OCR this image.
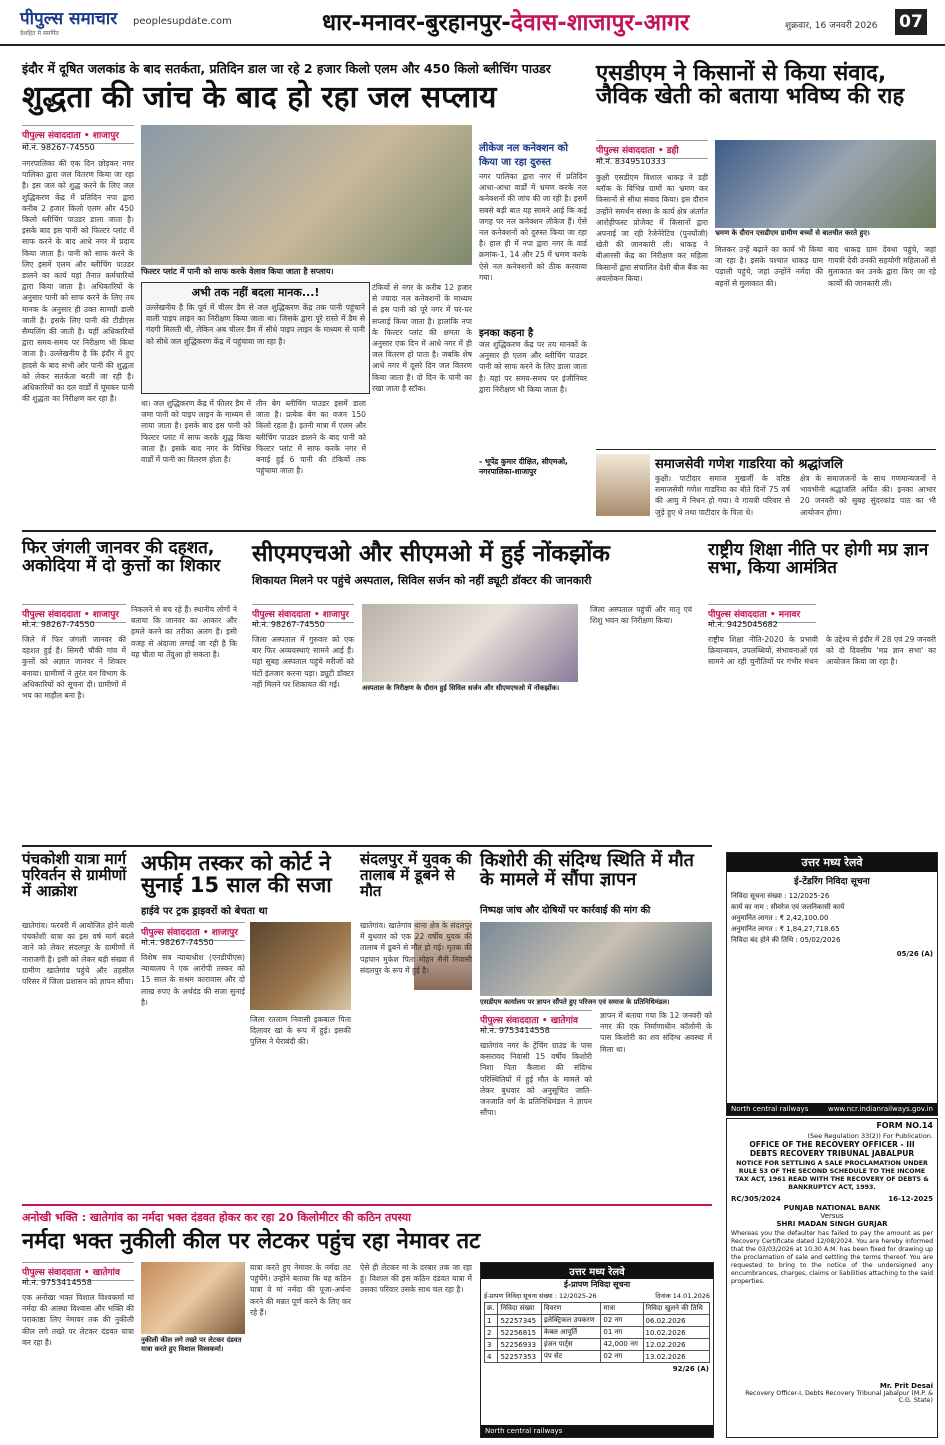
पीपुल्स समाचार
देशहित में समर्पित
peoplesupdate.com	धार-मनावर-बुरहानपुर-देवास-शाजापुर-आगर	शुक्रवार, 16 जनवरी 2026 07
इंदौर में दूषित जलकांड के बाद सतर्कता, प्रतिदिन डाल जा रहे 2 हजार किलो एलम और 450 किलो ब्लीचिंग पाउडर
शुद्धता की जांच के बाद हो रहा जल सप्लाय
पीपुल्स संवाददाता • शाजापुर
मो.नं. 98267-74550
नगरपालिका की एक दिन छोड़कर नगर पालिका द्वारा जल वितरण किया जा रहा है। इस जल को शुद्ध करने के लिए जल शुद्धिकरण केंद्र में प्रतिदिन नपा द्वारा करीब 2 हजार किलो एलम और 450 किलो ब्लीचिंग पाउडर डाला जाता है। इसके बाद इस पानी को फिल्टर प्लांट में साफ करने के बाद आधे नगर में प्रदाय किया जाता है। पानी को साफ करने के लिए इसमें एलम और ब्लीचिंग पाउडर डालने का कार्य यहां तैनात कर्मचारियों द्वारा किया जाता है। अधिकारियों के अनुसार पानी को साफ करने के लिए तय मानक के अनुसार ही उक्त सामग्री डाली जाती है। इसके लिए पानी की टीडीएस सैम्पलिंग की जाती है। यहीं अधिकारियों द्वारा समय-समय पर निरीक्षण भी किया जाता है। उल्लेखनीय है कि इंदौर में हुए हादसे के बाद सभी ओर पानी की शुद्धता को लेकर सतर्कता बरती जा रही है। अधिकारियों का दल वार्डों में घूमकर पानी की शुद्धता का निरीक्षण कर रहा है।
फिल्टर प्लांट में पानी को साफ करके वेलाव किया जाता है सप्लाय।
अभी तक नहीं बदला मानक...!
उल्लेखनीय है कि पूर्व में चीलर डैम से जल शुद्धिकरण केंद्र तक पानी पहुंचाने वाली पाइप लाइन का निरीक्षण किया जाता था। जिसके द्वारा पूरे रास्ते में डैम से गंदगी मिलती थी, लेकिन अब चीलर डैम में सीधे पाइप लाइन के माध्यम से पानी को सीधे जल शुद्धिकरण केंद्र में पहुंचाया जा रहा है।
था। जल शुद्धिकरण केंद्र में फीलर डैम में जमा पानी को पाइप लाइन के माध्यम से लाया जाता है। इसके बाद इस पानी को फिल्टर प्लांट में साफ करके शुद्ध किया जाता है। इसके बाद नगर के विभिन्न वार्डों में पानी का वितरण होता है।
तीन बेग ब्लीचिंग पाउडर इसमें डाला जाता है। प्रत्येक बेग का वजन 150 किलो रहता है। इतनी मात्रा में एलम और ब्लीचिंग पाउडर डालने के बाद पानी को फिल्टर प्लांट में साफ करके नगर में बनाई हुई 6 पानी की टंकियों तक पहुंचाया जाता है।
टंकियों से नगर के करीब 12 हजार से ज्यादा नल कनेक्शनों के माध्यम से इस पानी को पूरे नगर में घर-घर सप्लाई किया जाता है। हालांकि नपा के फिल्टर प्लांट की क्षमता के अनुसार एक दिन में आधे नगर में ही जल वितरण हो पाता है। जबकि शेष आधे नगर में दूसरे दिन जल वितरण किया जाता है। दो दिन के पानी का रखा जाता है स्टॉक।
लीकेज नल कनेक्शन को किया जा रहा दुरुस्त
नगर पालिका द्वारा नगर में प्रतिदिन आधा-आधा वार्डों में भ्रमण करके नल कनेक्शनों की जांच की जा रही है। इसमें सबसे बड़ी बात यह सामने आई कि कई जगह पर नल कनेक्शन लीकेज हैं। ऐसे नल कनेक्शनों को दुरुस्त किया जा रहा है। हाल ही में नपा द्वारा नगर के वार्ड क्रमांक-1, 14 और 25 में भ्रमण करके ऐसे नल कनेक्शनों को ठीक करवाया गया।
इनका कहना है
जल शुद्धिकरण केंद्र पर तय मानकों के अनुसार ही एलम और ब्लीचिंग पाउडर पानी को साफ करने के लिए डाला जाता है। यहां पर समय-समय पर इंजीनियर द्वारा निरीक्षण भी किया जाता है।
- भूपेंद्र कुमार दीक्षित, सीएमओ, नगरपालिका-शाजापुर
एसडीएम ने किसानों से किया संवाद, जैविक खेती को बताया भविष्य की राह
पीपुल्स संवाददाता • डही
मो.नं. 8349510333
कुक्षी एसडीएम विशाल धाकड़ ने डही ब्लॉक के विभिन्न ग्रामों का भ्रमण कर किसानों से सीधा संवाद किया। इस दौरान उन्होंने समर्थन संस्था के कार्य क्षेत्र अंतर्गत आरोहीफस्ट प्रोजेक्ट में किसानों द्वारा अपनाई जा रही रेजेनेरेटिव (पुनर्योजी) खेती की जानकारी ली। धाकड़ ने बीआरसी केंद्र का निरीक्षण कर महिला किसानों द्वारा संचालित देशी बीज बैंक का अवलोकन किया।
भ्रमण के दौरान एसडीएम ग्रामीण बच्चों से बातचीत करते हुए।
मिलकर उन्हें बढ़ाने का कार्य भी किया जा रहा है। इसके पश्चात धाकड़ ग्राम पड़ाली पहुंचे, जहां उन्होंने नर्मदा की बहनों से मुलाकात की।
बाद धाकड़ ग्राम देवधा पहुंचे, जहां गायत्री देवी उनकी सहयोगी महिलाओं से मुलाकात कर उनके द्वारा किए जा रहे कार्यों की जानकारी ली।
समाजसेवी गणेश गाडरिया को श्रद्धांजलि
कुक्षी। पाटीदार समाज मुखर्जी के वरिष्ठ समाजसेवी गणेश गाडरिया का बीते दिनों 75 वर्ष की आयु में निधन हो गया। वे गायत्री परिवार से जुड़े हुए थे तथा पाटीदार के पिता थे।
क्षेत्र के समाजजनों के साथ गणमान्यजनों ने भावभीनी श्रद्धांजलि अर्पित की। इनका आभार 20 जनवरी को सुबह सुंदरकांड पाठ का भी आयोजन होगा।
फिर जंगली जानवर की दहशत, अकोदिया में दो कुत्तों का शिकार
पीपुल्स संवाददाता • शाजापुर
मो.नं. 98267-74550
जिले में फिर जंगली जानवर की दहशत हुई है। सिमरौ चौकी गांव में कुत्तों को अज्ञात जानवर ने शिकार बनाया। ग्रामीणों ने तुरंत वन विभाग के अधिकारियों को सूचना दी। ग्रामीणों में भय का माहौल बना है।
निकलने से बच रहे हैं। स्थानीय लोगों ने बताया कि जानवर का आकार और हमले करने का तरीका अलग है। इसी वजह से अंदाजा लगाई जा रही है कि यह चीता या तेंदुआ हो सकता है।
सीएमएचओ और सीएमओ में हुई नोंकझोंक
शिकायत मिलने पर पहुंचे अस्पताल, सिविल सर्जन को नहीं ड्यूटी डॉक्टर की जानकारी
पीपुल्स संवाददाता • शाजापुर
मो.नं. 98267-74550
जिला अस्पताल में गुरुवार को एक बार फिर अव्यवस्थाएं सामने आई हैं। यहां सुबह अस्पताल पहुंचे मरीजों को घंटों इंतजार करना पड़ा। ड्यूटी डॉक्टर नहीं मिलने पर शिकायत की गई।	अस्पताल के निरीक्षण के दौरान हुई सिविल सर्जन और सीएमएचओ में नोंकझोंक।
जिला अस्पताल पहुंचीं और मातृ एवं शिशु भवन का निरीक्षण किया।
राष्ट्रीय शिक्षा नीति पर होगी मप्र ज्ञान सभा, किया आमंत्रित
पीपुल्स संवाददाता • मनावर
मो.नं. 9425045682
राष्ट्रीय शिक्षा नीति-2020 के प्रभावी क्रियान्वयन, उपलब्धियों, संभावनाओं एवं सामने आ रही चुनौतियों पर गंभीर मंथन के उद्देश्य से इंदौर में 28 एवं 29 जनवरी को दो दिवसीय 'मप्र ज्ञान सभा' का आयोजन किया जा रहा है।
पंचकोशी यात्रा मार्ग परिवर्तन से ग्रामीणों में आक्रोश
खातेगांव। फरवरी में आयोजित होने वाली पंचकोशी यात्रा का इस वर्ष मार्ग बदले जाने को लेकर संदलपुर के ग्रामीणों में नाराजगी है। इसी को लेकर बड़ी संख्या में ग्रामीण खातेगांव पहुंचे और तहसील परिसर में जिला प्रशासन को ज्ञापन सौंपा।
अफीम तस्कर को कोर्ट ने सुनाई 15 साल की सजा
हाईवे पर ट्रक ड्राइवरों को बेचता था
पीपुल्स संवाददाता • शाजापुर
मो.नं. 98267-74550
विशेष सत्र न्यायाधीश (एनडीपीएस) न्यायालय ने एक आरोपी तस्कर को 15 साल के सश्रम कारावास और दो लाख रुपए के अर्थदंड की सजा सुनाई है।
जिला रतलाम निवासी इकबाल पिता दिलावर खां के रूप में हुई। इसकी पुलिस ने घेराबंदी की।
संदलपुर में युवक की तालाब में डूबने से मौत
खातेगांव। खातेगांव थाना क्षेत्र के संदलपुर में बुधवार को एक 22 वर्षीय युवक की तालाब में डूबने से मौत हो गई। मृतक की पहचान मुकेश पिता मोहन सैनी निवासी संदलपुर के रूप में हुई है।
किशोरी की संदिग्ध स्थिति में मौत के मामले में सौंपा ज्ञापन
निष्पक्ष जांच और दोषियों पर कार्रवाई की मांग की
एसडीएम कार्यालय पर ज्ञापन सौंपते हुए परिजन एवं समाज के प्रतिनिधिमंडल।
पीपुल्स संवाददाता • खातेगांव
मो.नं. 9753414558
खातेगांव नगर के ट्रेंचिंग ग्राउंड के पास कसरावद निवासी 15 वर्षीय किशोरी निशा पिता कैलाश की संदिग्ध परिस्थितियों में हुई मौत के मामले को लेकर बुधवार को अनुसूचित जाति-जनजाति वर्ग के प्रतिनिधिमंडल ने ज्ञापन सौंपा।
ज्ञापन में बताया गया कि 12 जनवरी को नगर की एक निर्माणाधीन कॉलोनी के पास किशोरी का शव संदिग्ध अवस्था में मिला था।
अनोखी भक्ति : खातेगांव का नर्मदा भक्त दंडवत होकर कर रहा 20 किलोमीटर की कठिन तपस्या
नर्मदा भक्त नुकीली कील पर लेटकर पहुंच रहा नेमावर तट
पीपुल्स संवाददाता • खातेगांव
मो.नं. 9753414558
एक अनोखा भक्त विशाल विश्वकर्मा मां नर्मदा की आस्था विश्वास और भक्ति की पराकाष्ठा लिए नेमावर तक की नुकीली कील लगे तख्ते पर लेटकर दंडवत यात्रा कर रहा है।	नुकीली कील लगे तख्ते पर लेटकर दंडवत यात्रा करते हुए विशाल विश्वकर्मा।
यात्रा करते हुए नेमावर के नर्मदा तट पहुंचेंगे। उन्होंने बताया कि यह कठिन यात्रा वे मां नर्मदा की पूजा-अर्चना करने की मन्नत पूर्ण करने के लिए कर रहे हैं।
ऐसे ही लेटकर मां के दरबार तक जा रहा हूं। विशाल की इस कठिन दंडवत यात्रा में उसका परिवार उसके साथ चल रहा है।
उत्तर मध्य रेलवे
ई-टेंडरिंग निविदा सूचना
निविदा सूचना संख्या : 12/2025-26
कार्य का नाम : सीवरेज एवं जलनिकासी कार्य
अनुमानित लागत : ₹ 2,42,100.00
अनुमानित लागत : ₹ 1,84,27,718.65
निविदा बंद होने की तिथि : 05/02/2026
05/26 (A)
North central railways	www.ncr.indianrailways.gov.in
FORM NO.14
(See Regulation 33(2)) For Publication.
OFFICE OF THE RECOVERY OFFICER - III
DEBTS RECOVERY TRIBUNAL JABALPUR
NOTICE FOR SETTLING A SALE PROCLAMATION UNDER RULE 53 OF THE SECOND SCHEDULE TO THE INCOME TAX ACT, 1961 READ WITH THE RECOVERY OF DEBTS & BANKRUPTCY ACT, 1993.
RC/305/2024	16-12-2025
PUNJAB NATIONAL BANK
Versus
SHRI MADAN SINGH GURJAR
Whereas you the defaulter has failed to pay the amount as per Recovery Certificate dated 12/08/2024. You are hereby informed that the 03/03/2026 at 10.30 A.M. has been fixed for drawing up the proclamation of sale and settling the terms thereof. You are requested to bring to the notice of the undersigned any encumbrances, charges, claims or liabilities attaching to the said properties.
Mr. Prit Desai
Recovery Officer-I, Debts Recovery Tribunal Jabalpur (M.P. & C.G. State)
उत्तर मध्य रेलवे
ई-प्रापण निविदा सूचना
ई-प्रापण निविदा सूचना संख्या : 12/2025-26	दिनांक 14.01.2026
क्र.	निविदा संख्या	विवरण	मात्रा	निविदा खुलने की तिथि
1	52257345	इलेक्ट्रिकल उपकरण	02 नग	06.02.2026
2	52256815	केबल आपूर्ति	01 नग	10.02.2026
3	52256933	इंजन पार्ट्स	42,000 नग	12.02.2026
4	52257353	पंप सेट	02 नग	13.02.2026
92/26 (A)
North central railways
